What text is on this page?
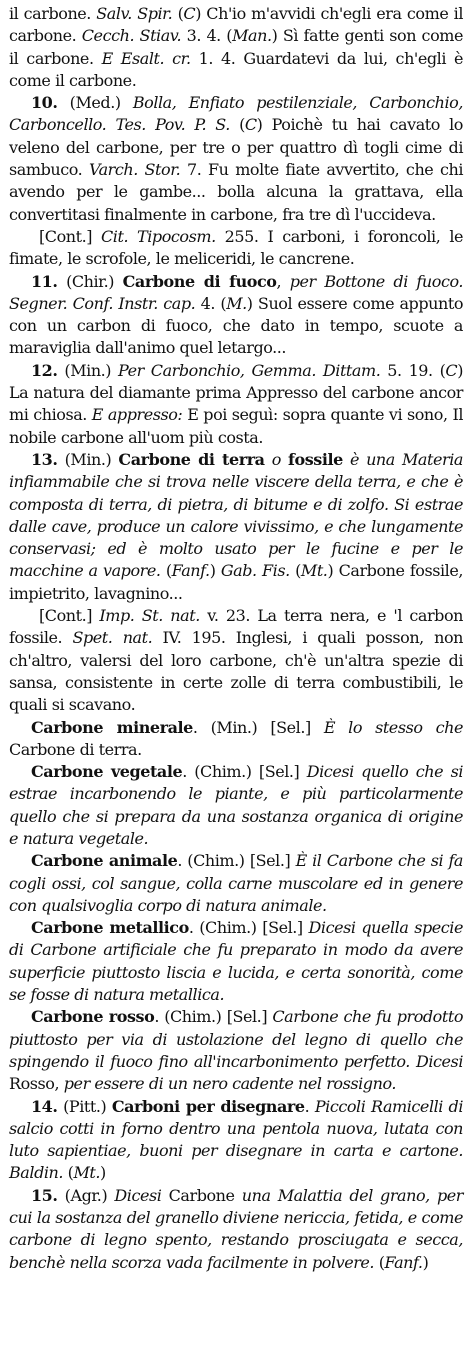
il carbone. Salv. Spir. (C) Ch'io m'avvidi ch'egli era come il carbone. Cecch. Stiav. 3. 4. (Man.) Sì fatte genti son come il carbone. E Esalt. cr. 1. 4. Guardatevi da lui, ch'egli è come il carbone.

10. (Med.) Bolla, Enfiato pestilenziale, Carbonchio, Carboncello. Tes. Pov. P. S. (C) Poichè tu hai cavato lo veleno del carbone, per tre o per quattro dì togli cime di sambuco. Varch. Stor. 7. Fu molte fiate avvertito, che chi avendo per le gambe... bolla alcuna la grattava, ella convertitasi finalmente in carbone, fra tre dì l'uccideva.

[Cont.] Cit. Tipocosm. 255. I carboni, i foroncoli, le fimate, le scrofole, le meliceridi, le cancrene.

11. (Chir.) Carbone di fuoco, per Bottone di fuoco. Segner. Conf. Instr. cap. 4. (M.) Suol essere come appunto con un carbon di fuoco, che dato in tempo, scuote a maraviglia dall'animo quel letargo...

12. (Min.) Per Carbonchio, Gemma. Dittam. 5. 19. (C) La natura del diamante prima Appresso del carbone ancor mi chiosa. E appresso: E poi seguì: sopra quante vi sono, Il nobile carbone all'uom più costa.

13. (Min.) Carbone di terra o fossile è una Materia infiammabile che si trova nelle viscere della terra, e che è composta di terra, di pietra, di bitume e di zolfo. Si estrae dalle cave, produce un calore vivissimo, e che lungamente conservasi; ed è molto usato per le fucine e per le macchine a vapore. (Fanf.) Gab. Fis. (Mt.) Carbone fossile, impietrito, lavagnino...

[Cont.] Imp. St. nat. v. 23. La terra nera, e 'l carbon fossile. Spet. nat. IV. 195. Inglesi, i quali posson, non ch'altro, valersi del loro carbone, ch'è un'altra spezie di sansa, consistente in certe zolle di terra combustibili, le quali si scavano.

Carbone minerale. (Min.) [Sel.] È lo stesso che Carbone di terra.

Carbone vegetale. (Chim.) [Sel.] Dicesi quello che si estrae incarbonendo le piante, e più particolarmente quello che si prepara da una sostanza organica di origine e natura vegetale.

Carbone animale. (Chim.) [Sel.] È il Carbone che si fa cogli ossi, col sangue, colla carne muscolare ed in genere con qualsivoglia corpo di natura animale.

Carbone metallico. (Chim.) [Sel.] Dicesi quella specie di Carbone artificiale che fu preparato in modo da avere superficie piuttosto liscia e lucida, e certa sonorità, come se fosse di natura metallica.

Carbone rosso. (Chim.) [Sel.] Carbone che fu prodotto piuttosto per via di ustolazione del legno di quello che spingendo il fuoco fino all'incarbonimento perfetto. Dicesi Rosso, per essere di un nero cadente nel rossigno.

14. (Pitt.) Carboni per disegnare. Piccoli Ramicelli di salcio cotti in forno dentro una pentola nuova, lutata con luto sapientiae, buoni per disegnare in carta e cartone. Baldin. (Mt.)

15. (Agr.) Dicesi Carbone una Malattia del grano, per cui la sostanza del granello diviene nericcia, fetida, e come carbone di legno spento, restando prosciugata e secca, benchè nella scorza vada facilmente in polvere. (Fanf.)
